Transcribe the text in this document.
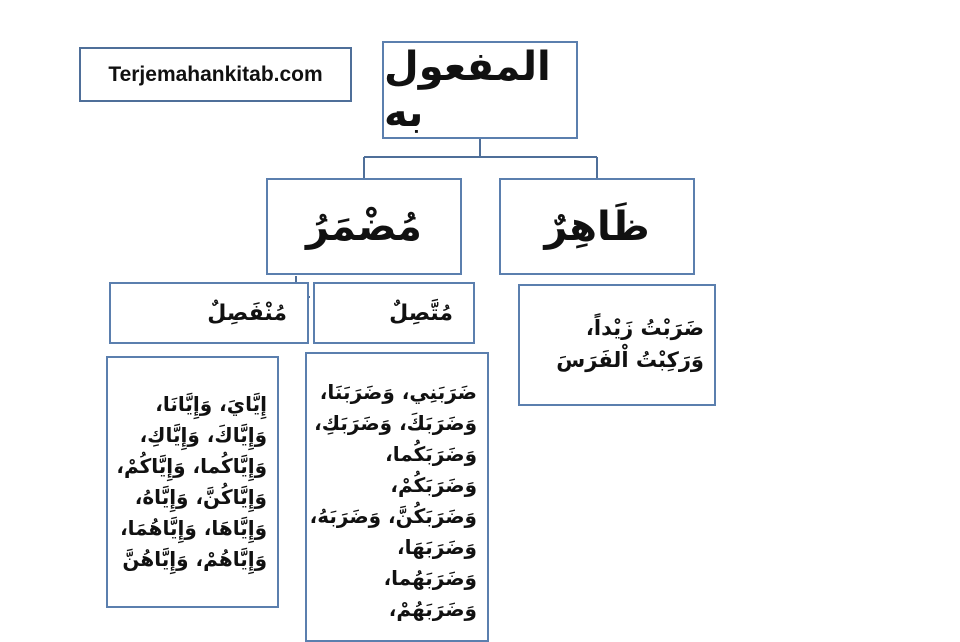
Terjemahankitab.com المفعول به
ظَاهِرٌ
مُضْمَرُ
مُنْفَصِلٌ	مُتَّصِلٌ
ضَرَبْتُ زَيْداً،
وَرَكِبْتُ اْلفَرَسَ
إِيَّايَ، وَإِيَّانَا،
وَإِيَّاكَ، وَإِيَّاكِ،
وَإِيَّاكُما، وَإِيَّاكُمْ،
وَإِيَّاكُنَّ، وَإِيَّاهُ،
وَإِيَّاهَا، وَإِيَّاهُمَا،
وَإِيَّاهُمْ، وَإِيَّاهُنَّ
ضَرَبَنِي، وَضَرَبَنَا،
وَضَرَبَكَ، وَضَرَبَكِ،
وَضَرَبَكُما،
وَضَرَبَكُمْ،
وَضَرَبَكُنَّ، وَضَرَبَهُ،
وَضَرَبَهَا،
وَضَرَبَهُما،
وَضَرَبَهُمْ،
